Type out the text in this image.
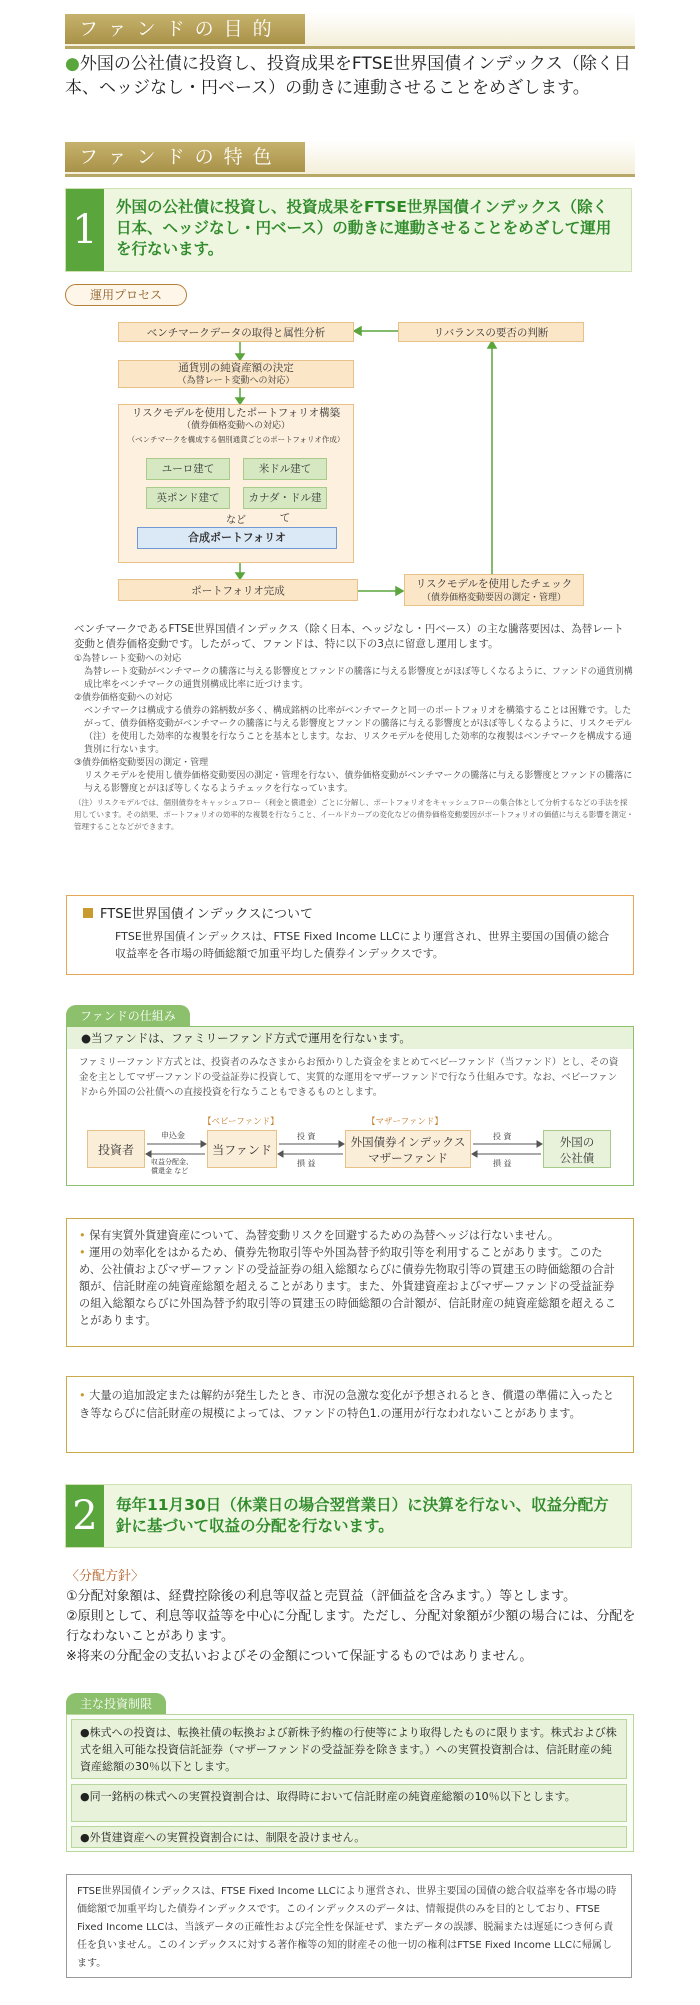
ファンドの目的
●外国の公社債に投資し、投資成果をFTSE世界国債インデックス（除く日本、ヘッジなし・円ベース）の動きに連動させることをめざします。
ファンドの特色
1	外国の公社債に投資し、投資成果をFTSE世界国債インデックス（除く日本、ヘッジなし・円ベース）の動きに連動させることをめざして運用を行ないます。
運用プロセス
ベンチマークデータの取得と属性分析
通貨別の純資産額の決定
（為替レート変動への対応）
リスクモデルを使用したポートフォリオ構築
（債券価格変動への対応）
（ベンチマークを構成する個別通貨ごとのポートフォリオ作成）
ユーロ建て	米ドル建て
英ポンド建て	カナダ・ドル建て
など
合成ポートフォリオ
ポートフォリオ完成
リバランスの要否の判断
リスクモデルを使用したチェック
（債券価格変動要因の測定・管理）
ベンチマークであるFTSE世界国債インデックス（除く日本、ヘッジなし・円ベース）の主な騰落要因は、為替レート変動と債券価格変動です。したがって、ファンドは、特に以下の3点に留意し運用します。
①為替レート変動への対応
為替レート変動がベンチマークの騰落に与える影響度とファンドの騰落に与える影響度とがほぼ等しくなるように、ファンドの通貨別構成比率をベンチマークの通貨別構成比率に近づけます。
②債券価格変動への対応
ベンチマークは構成する債券の銘柄数が多く、構成銘柄の比率がベンチマークと同一のポートフォリオを構築することは困難です。したがって、債券価格変動がベンチマークの騰落に与える影響度とファンドの騰落に与える影響度とがほぼ等しくなるように、リスクモデル（注）を使用した効率的な複製を行なうことを基本とします。なお、リスクモデルを使用した効率的な複製はベンチマークを構成する通貨別に行ないます。
③債券価格変動要因の測定・管理
リスクモデルを使用し債券価格変動要因の測定・管理を行ない、債券価格変動がベンチマークの騰落に与える影響度とファンドの騰落に与える影響度とがほぼ等しくなるようチェックを行なっています。
（注）リスクモデルでは、個別債券をキャッシュフロー（利金と償還金）ごとに分解し、ポートフォリオをキャッシュフローの集合体として分析するなどの手法を採用しています。その結果、ポートフォリオの効率的な複製を行なうこと、イールドカーブの変化などの債券価格変動要因がポートフォリオの価値に与える影響を測定・管理することなどができます。
FTSE世界国債インデックスについて
FTSE世界国債インデックスは、FTSE Fixed Income LLCにより運営され、世界主要国の国債の総合収益率を各市場の時価総額で加重平均した債券インデックスです。
ファンドの仕組み
●当ファンドは、ファミリーファンド方式で運用を行ないます。
ファミリーファンド方式とは、投資者のみなさまからお預かりした資金をまとめてベビーファンド（当ファンド）とし、その資金を主としてマザーファンドの受益証券に投資して、実質的な運用をマザーファンドで行なう仕組みです。なお、ベビーファンドから外国の公社債への直接投資を行なうこともできるものとします。
投資者
【ベビーファンド】
当ファンド
【マザーファンド】
外国債券インデックス
マザーファンド
外国の
公社債
申込金
収益分配金、
償還金 など
投 資
損 益
投 資
損 益
• 保有実質外貨建資産について、為替変動リスクを回避するための為替ヘッジは行ないません。
• 運用の効率化をはかるため、債券先物取引等や外国為替予約取引等を利用することがあります。このため、公社債およびマザーファンドの受益証券の組入総額ならびに債券先物取引等の買建玉の時価総額の合計額が、信託財産の純資産総額を超えることがあります。また、外貨建資産およびマザーファンドの受益証券の組入総額ならびに外国為替予約取引等の買建玉の時価総額の合計額が、信託財産の純資産総額を超えることがあります。
• 大量の追加設定または解約が発生したとき、市況の急激な変化が予想されるとき、償還の準備に入ったとき等ならびに信託財産の規模によっては、ファンドの特色1.の運用が行なわれないことがあります。
2	毎年11月30日（休業日の場合翌営業日）に決算を行ない、収益分配方針に基づいて収益の分配を行ないます。
〈分配方針〉
①分配対象額は、経費控除後の利息等収益と売買益（評価益を含みます。）等とします。
②原則として、利息等収益等を中心に分配します。ただし、分配対象額が少額の場合には、分配を行なわないことがあります。
※将来の分配金の支払いおよびその金額について保証するものではありません。
主な投資制限
●株式への投資は、転換社債の転換および新株予約権の行使等により取得したものに限ります。株式および株式を組入可能な投資信託証券（マザーファンドの受益証券を除きます。）への実質投資割合は、信託財産の純資産総額の30％以下とします。
●同一銘柄の株式への実質投資割合は、取得時において信託財産の純資産総額の10％以下とします。
●外貨建資産への実質投資割合には、制限を設けません。
FTSE世界国債インデックスは、FTSE Fixed Income LLCにより運営され、世界主要国の国債の総合収益率を各市場の時価総額で加重平均した債券インデックスです。このインデックスのデータは、情報提供のみを目的としており、FTSE Fixed Income LLCは、当該データの正確性および完全性を保証せず、またデータの誤謬、脱漏または遅延につき何ら責任を負いません。このインデックスに対する著作権等の知的財産その他一切の権利はFTSE Fixed Income LLCに帰属します。
